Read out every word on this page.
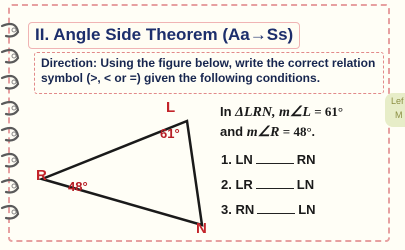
II. Angle Side Theorem (Aa→Ss)
Direction: Using the figure below, write the correct relation
symbol (>, < or =) given the following conditions.
L
R
N
61°
48°
In ΔLRN, m∠L = 61°
and m∠R = 48°.
1. LN	RN
2. LR	LN
3. RN	LN
Lef
M
